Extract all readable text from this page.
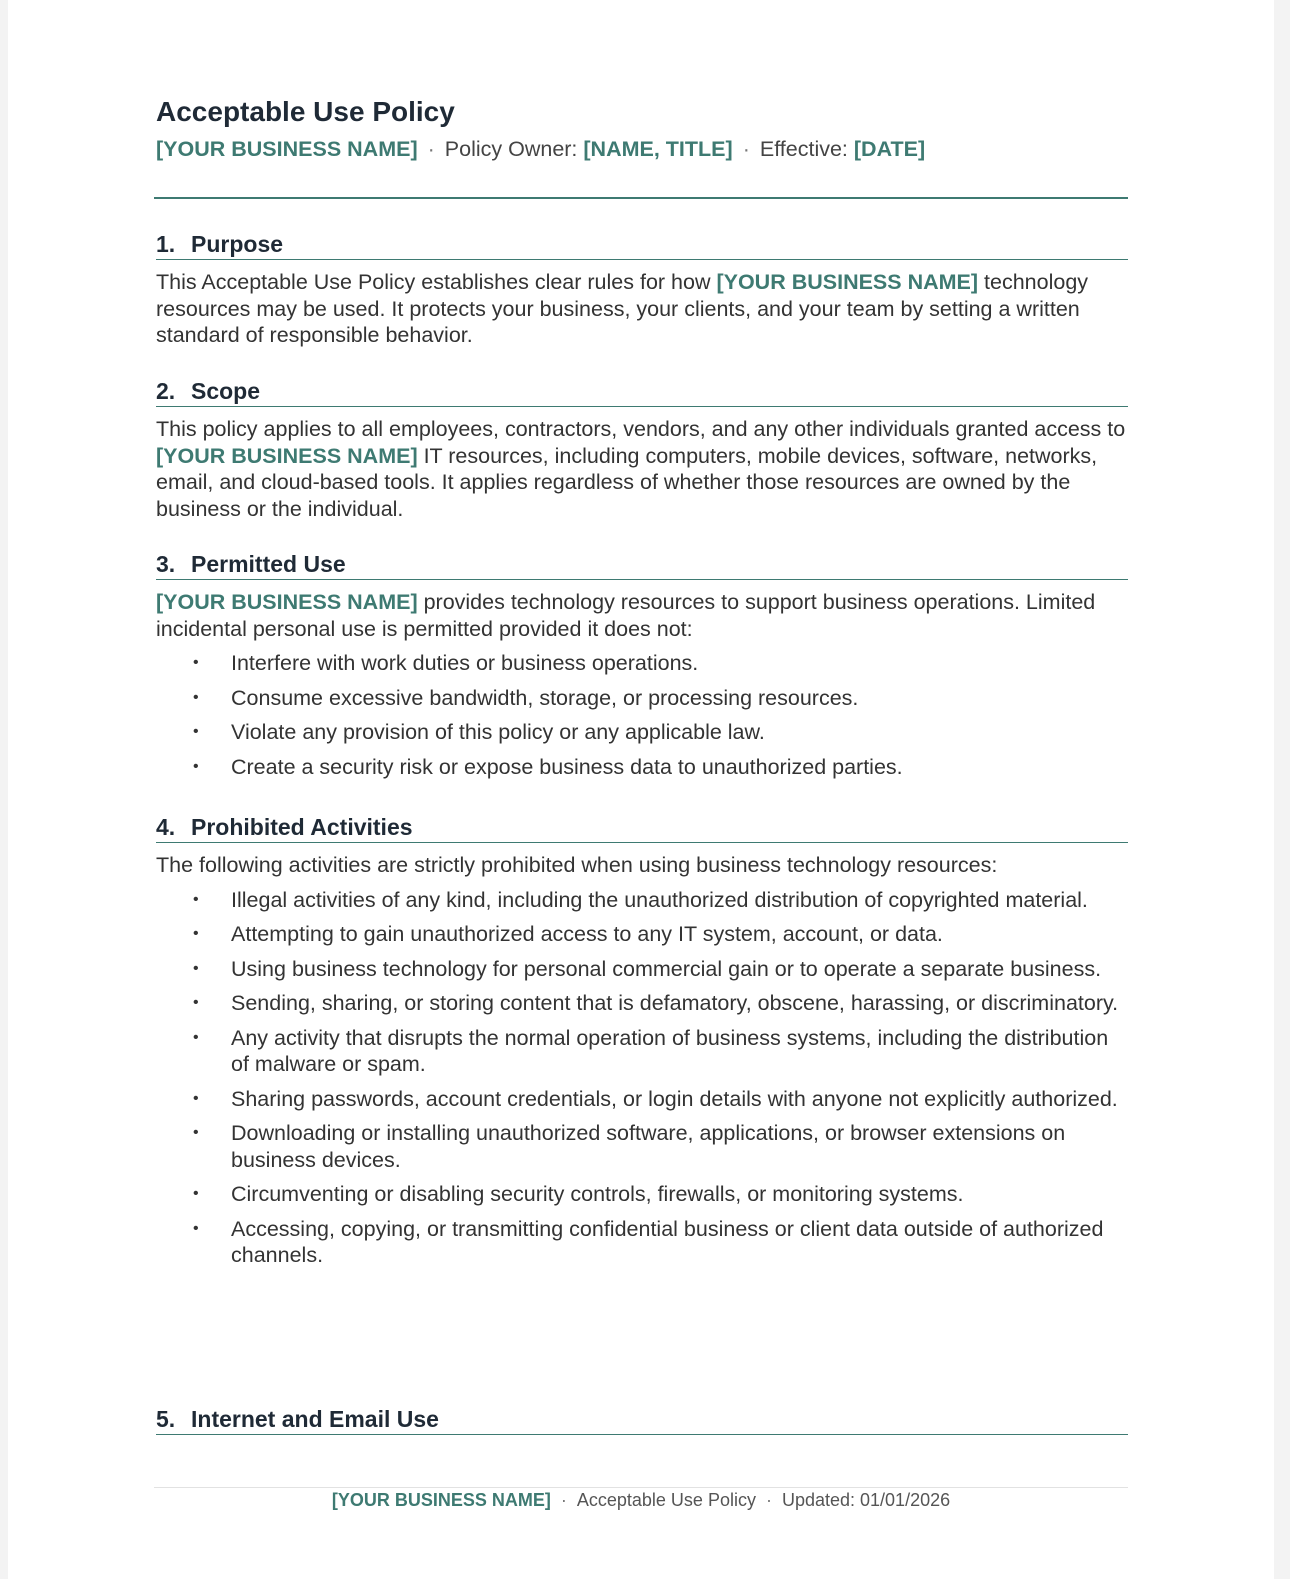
Acceptable Use Policy
[YOUR BUSINESS NAME] · Policy Owner: [NAME, TITLE] · Effective: [DATE]
1. Purpose

This Acceptable Use Policy establishes clear rules for how [YOUR BUSINESS NAME] technology resources may be used. It protects your business, your clients, and your team by setting a written standard of responsible behavior.

2. Scope

This policy applies to all employees, contractors, vendors, and any other individuals granted access to [YOUR BUSINESS NAME] IT resources, including computers, mobile devices, software, networks, email, and cloud-based tools. It applies regardless of whether those resources are owned by the business or the individual.

3. Permitted Use

[YOUR BUSINESS NAME] provides technology resources to support business operations. Limited incidental personal use is permitted provided it does not:

• Interfere with work duties or business operations.
• Consume excessive bandwidth, storage, or processing resources.
• Violate any provision of this policy or any applicable law.
• Create a security risk or expose business data to unauthorized parties.
4. Prohibited Activities

The following activities are strictly prohibited when using business technology resources:

• Illegal activities of any kind, including the unauthorized distribution of copyrighted material.
• Attempting to gain unauthorized access to any IT system, account, or data.
• Using business technology for personal commercial gain or to operate a separate business.
• Sending, sharing, or storing content that is defamatory, obscene, harassing, or discriminatory.
• Any activity that disrupts the normal operation of business systems, including the distribution of malware or spam.
• Sharing passwords, account credentials, or login details with anyone not explicitly authorized.
• Downloading or installing unauthorized software, applications, or browser extensions on business devices.
• Circumventing or disabling security controls, firewalls, or monitoring systems.
• Accessing, copying, or transmitting confidential business or client data outside of authorized channels.
5. Internet and Email Use
[YOUR BUSINESS NAME] · Acceptable Use Policy · Updated: 01/01/2026
